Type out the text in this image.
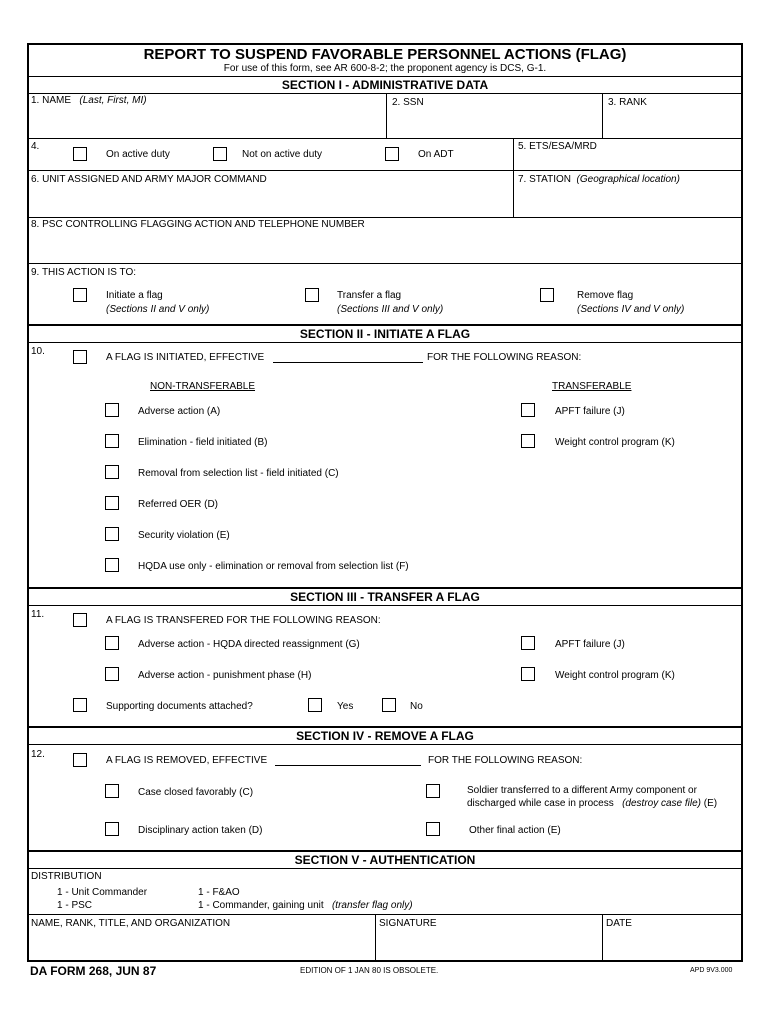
REPORT TO SUSPEND FAVORABLE PERSONNEL ACTIONS (FLAG)
For use of this form, see AR 600-8-2; the proponent agency is DCS, G-1.
SECTION I - ADMINISTRATIVE DATA
1. NAME (Last, First, MI)	2. SSN	3. RANK
4.
On active duty	Not on active duty	On ADT
5. ETS/ESA/MRD
6. UNIT ASSIGNED AND ARMY MAJOR COMMAND	7. STATION (Geographical location)
8. PSC CONTROLLING FLAGGING ACTION AND TELEPHONE NUMBER
9. THIS ACTION IS TO:
Initiate a flag
(Sections II and V only)
Transfer a flag
(Sections III and V only)
Remove flag
(Sections IV and V only)
SECTION II - INITIATE A FLAG
10.
A FLAG IS INITIATED, EFFECTIVE	FOR THE FOLLOWING REASON:
NON-TRANSFERABLE	TRANSFERABLE
Adverse action (A)
Elimination - field initiated (B)
Removal from selection list - field initiated (C)
Referred OER (D)
Security violation (E)
HQDA use only - elimination or removal from selection list (F)
APFT failure (J)
Weight control program (K)
SECTION III - TRANSFER A FLAG
11.
A FLAG IS TRANSFERED FOR THE FOLLOWING REASON:
Adverse action - HQDA directed reassignment (G)
Adverse action - punishment phase (H)
APFT failure (J)
Weight control program (K)
Supporting documents attached?	Yes	No
SECTION IV - REMOVE A FLAG
12.
A FLAG IS REMOVED, EFFECTIVE	FOR THE FOLLOWING REASON:
Case closed favorably (C)
Disciplinary action taken (D)
Soldier transferred to a different Army component or
discharged while case in process (destroy case file) (E)
Other final action (E)
SECTION V - AUTHENTICATION
DISTRIBUTION
1 - Unit Commander
1 - PSC
1 - F&AO
1 - Commander, gaining unit (transfer flag only)
NAME, RANK, TITLE, AND ORGANIZATION	SIGNATURE	DATE
DA FORM 268, JUN 87	EDITION OF 1 JAN 80 IS OBSOLETE.	APD 9V3.000
